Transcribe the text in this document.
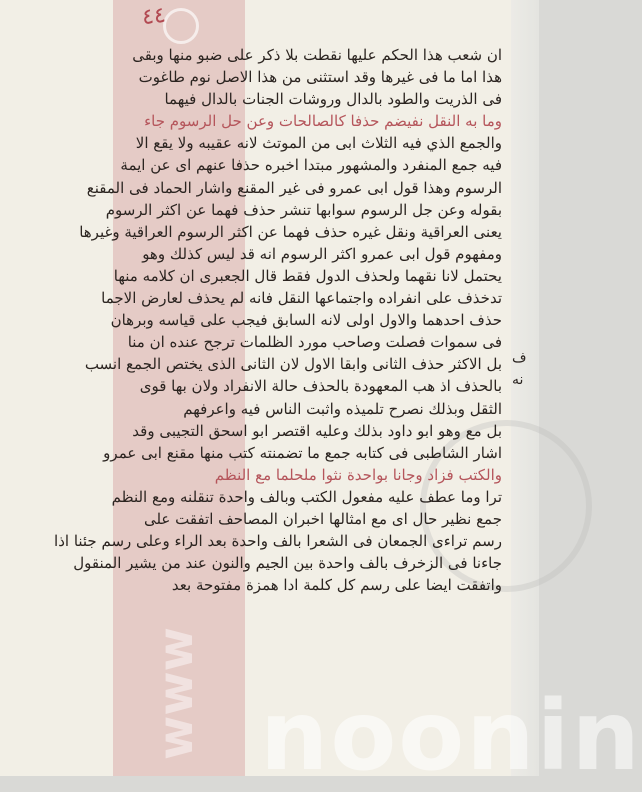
٤٤
ان شعب هذا الحكم عليها نقطت بلا ذكر على ضبو منها وبقى
هذا اما ما فى غيرها وقد استثنى من هذا الاصل نوم طاغوت
فى الذريت والطود بالدال وروشات الجنات بالدال فيهما
وما به النقل نفيضم حذفا كالصالحات وعن حل الرسوم جاء
والجمع الذي فيه الثلاث ابى من الموتث لانه عقيبه ولا يقع الا
فيه جمع المنفرد والمشهور مبتدا اخبره حذفا عنهم اى عن ايمة
الرسوم وهذا قول ابى عمرو فى غير المقنع واشار الحماد فى المقنع
بقوله وعن جل الرسوم سوابها تنشر حذف فهما عن اكثر الرسوم
يعنى العراقية ونقل غيره حذف فهما عن اكثر الرسوم العراقية وغيرها
ومفهوم قول ابى عمرو اكثر الرسوم انه قد ليس كذلك وهو
يحتمل لانا نقهما ولحذف الدول فقط قال الجعبرى ان كلامه منها
تدخذف على انفراده واجتماعها النقل فانه لم يحذف لعارض الاجما
حذف احدهما والاول اولى لانه السابق فيجب على قياسه وبرهان
فى سموات فصلت وصاحب مورد الظلمات ترجح عنده ان منا
بل الاكثر حذف الثانى وابقا الاول لان الثانى الذى يختص الجمع انسب
بالحذف اذ هب المعهودة بالحذف حالة الانفراد ولان بها قوى
الثقل وبذلك نصرح تلميذه واثبت الناس فيه واعرفهم
بل مع وهو ابو داود بذلك وعليه اقتصر ابو اسحق التجيبى وقد
اشار الشاطبى فى كتابه جمع ما تضمنته كتب منها مقنع ابى عمرو
والكتب فزاد وجانا بواحدة نثوا ملحلما مع النظم
ترا وما عطف عليه مفعول الكتب وبالف واحدة تنقلنه ومع النظم
جمع نظير حال اى مع امثالها اخبران المصاحف اتفقت على
رسم تراءى الجمعان فى الشعرا بالف واحدة بعد الراء وعلى رسم جئنا اذا
جاءنا فى الزخرف بالف واحدة بين الجيم والنون عند من يشير المنقول
واتفقت ايضا على رسم كل كلمة ادا همزة مفتوحة بعد
ف
نه
www noonin
